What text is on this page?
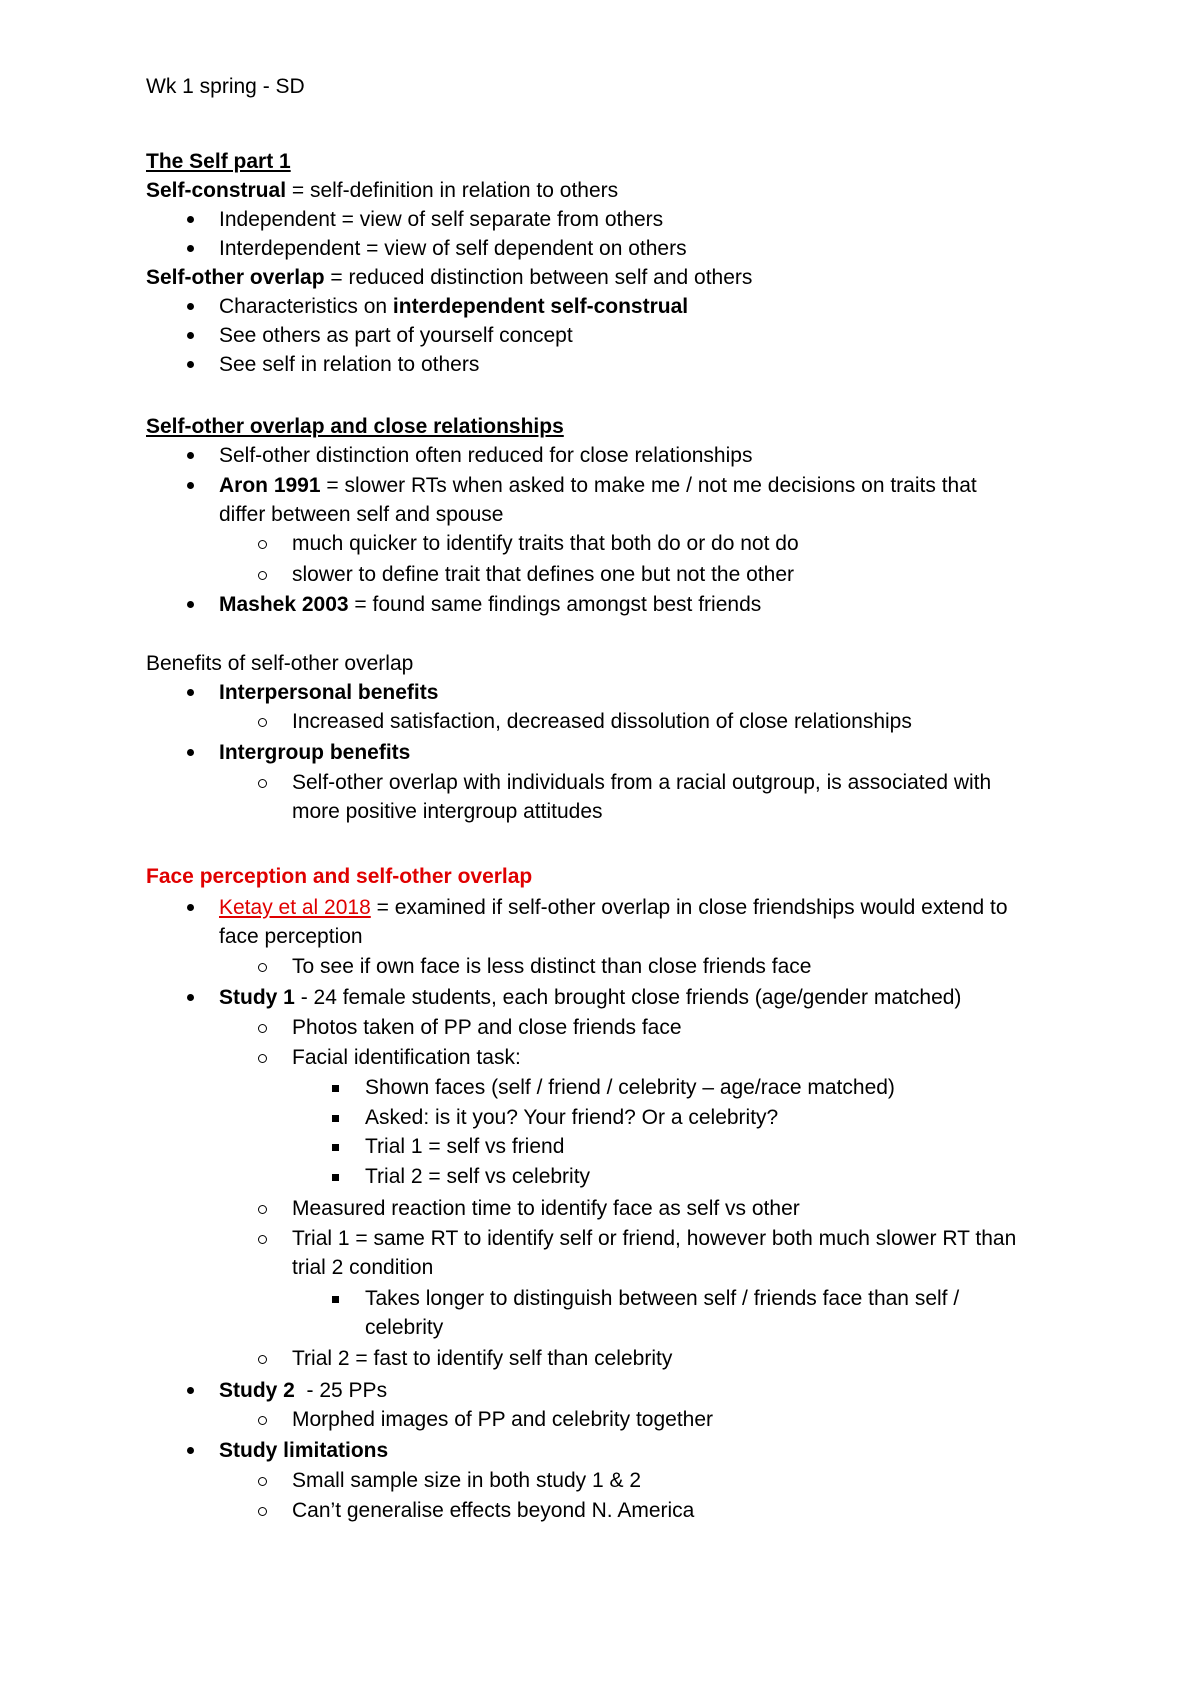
Wk 1 spring - SD
The Self part 1
Self-construal = self-definition in relation to others
Independent = view of self separate from others
Interdependent = view of self dependent on others
Self-other overlap = reduced distinction between self and others
Characteristics on interdependent self-construal
See others as part of yourself concept
See self in relation to others
Self-other overlap and close relationships
Self-other distinction often reduced for close relationships
Aron 1991 = slower RTs when asked to make me / not me decisions on traits that
differ between self and spouse
much quicker to identify traits that both do or do not do
slower to define trait that defines one but not the other
Mashek 2003 = found same findings amongst best friends
Benefits of self-other overlap
Interpersonal benefits
Increased satisfaction, decreased dissolution of close relationships
Intergroup benefits
Self-other overlap with individuals from a racial outgroup, is associated with
more positive intergroup attitudes
Face perception and self-other overlap
Ketay et al 2018 = examined if self-other overlap in close friendships would extend to
face perception
To see if own face is less distinct than close friends face
Study 1 - 24 female students, each brought close friends (age/gender matched)
Photos taken of PP and close friends face
Facial identification task:
Shown faces (self / friend / celebrity – age/race matched)
Asked: is it you? Your friend? Or a celebrity?
Trial 1 = self vs friend
Trial 2 = self vs celebrity
Measured reaction time to identify face as self vs other
Trial 1 = same RT to identify self or friend, however both much slower RT than
trial 2 condition
Takes longer to distinguish between self / friends face than self /
celebrity
Trial 2 = fast to identify self than celebrity
Study 2  - 25 PPs
Morphed images of PP and celebrity together
Study limitations
Small sample size in both study 1 & 2
Can’t generalise effects beyond N. America
